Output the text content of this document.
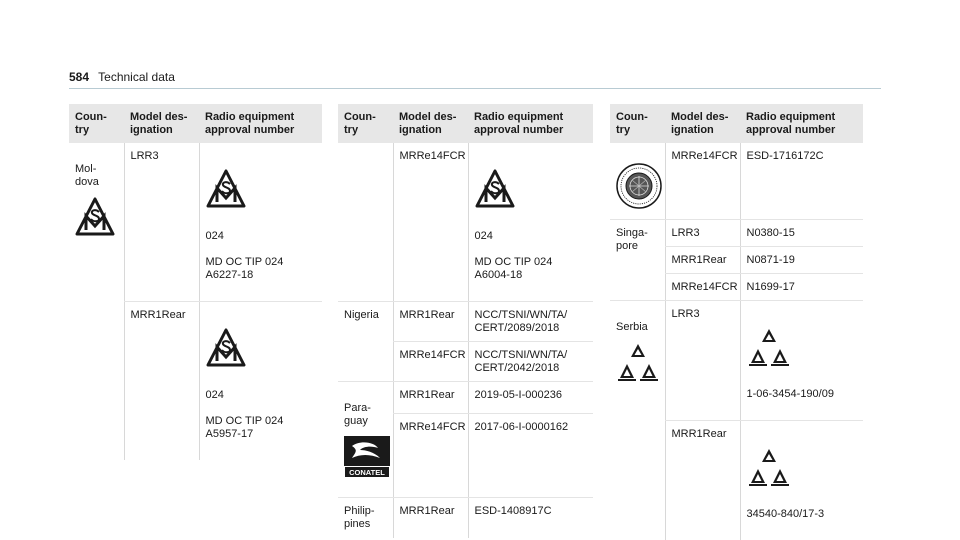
584 Technical data
Coun-
try	Model des-
ignation	Radio equipment
approval number

Mol-
dova	LRR3	024

MD OC TIP 024
A6227-18

	MRR1Rear	024

MD OC TIP 024
A5957-17

Coun-
try	Model des-
ignation	Radio equipment
approval number
	MRRe14FCR	024

MD OC TIP 024
A6004-18

Nigeria	MRR1Rear	NCC/TSNI/WN/TA/
CERT/2089/2018
	MRRe14FCR	NCC/TSNI/WN/TA/
CERT/2042/2018

Para-
guay

CONATEL	MRR1Rear	2019-05-I-000236
	MRRe14FCR	2017-06-I-0000162
Philip-
pines	MRR1Rear	ESD-1408917C
Coun-
try	Model des-
ignation	Radio equipment
approval number

	MRRe14FCR	ESD-1716172C
Singa-
pore	LRR3	N0380-15
	MRR1Rear	N0871-19
	MRRe14FCR	N1699-17

Serbia	LRR3	1-06-3454-190/09

	MRR1Rear	34540-840/17-3
